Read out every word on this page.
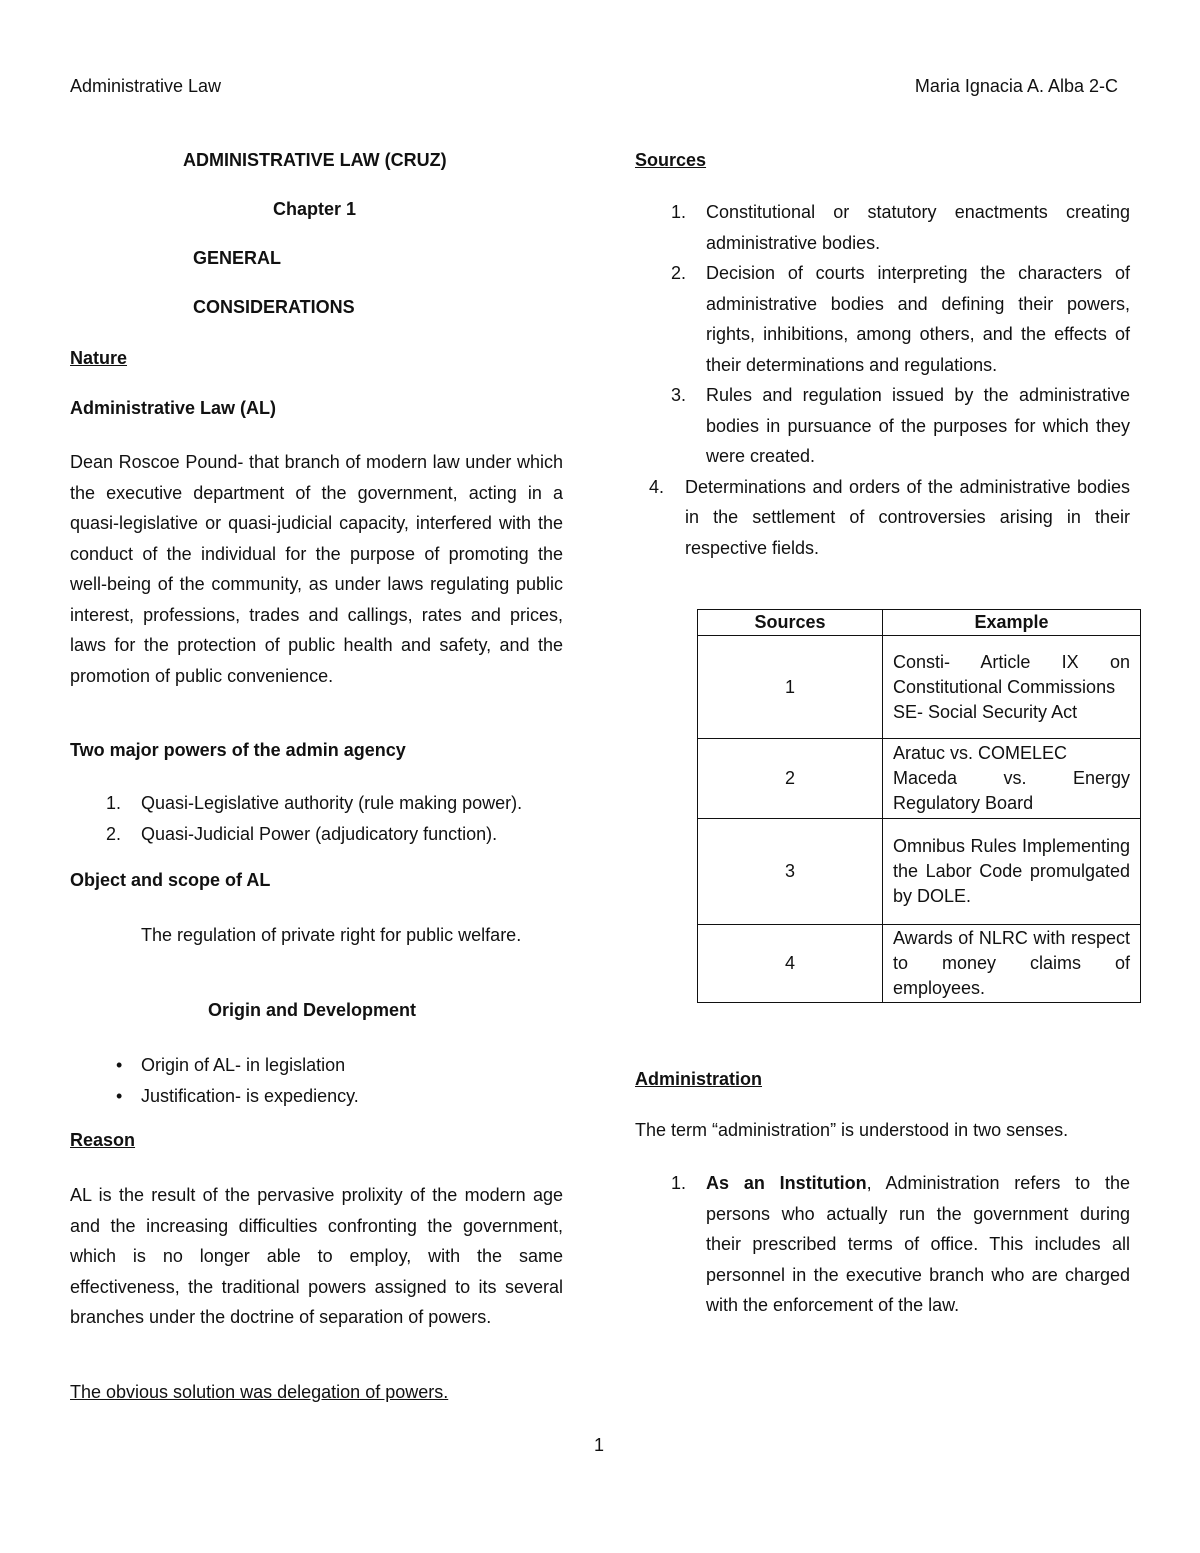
Administrative Law	Maria Ignacia A. Alba 2-C
ADMINISTRATIVE LAW (CRUZ)
Chapter 1
GENERAL
CONSIDERATIONS
Nature
Administrative Law (AL)
Dean Roscoe Pound- that branch of modern law under which the executive department of the government, acting in a quasi-legislative or quasi-judicial capacity, interfered with the conduct of the individual for the purpose of promoting the well-being of the community, as under laws regulating public interest, professions, trades and callings, rates and prices, laws for the protection of public health and safety, and the promotion of public convenience.
Two major powers of the admin agency
1. Quasi-Legislative authority (rule making power).
2. Quasi-Judicial Power (adjudicatory function).
Object and scope of AL
The regulation of private right for public welfare.
Origin and Development
• Origin of AL- in legislation
• Justification- is expediency.
Reason
AL is the result of the pervasive prolixity of the modern age and the increasing difficulties confronting the government, which is no longer able to employ, with the same effectiveness, the traditional powers assigned to its several branches under the doctrine of separation of powers.
The obvious solution was delegation of powers.
Sources
1. Constitutional or statutory enactments creating administrative bodies.
2. Decision of courts interpreting the characters of administrative bodies and defining their powers, rights, inhibitions, among others, and the effects of their determinations and regulations.
3. Rules and regulation issued by the administrative bodies in pursuance of the purposes for which they were created.
4. Determinations and orders of the administrative bodies in the settlement of controversies arising in their respective fields.
Sources	Example
1	Consti- Article IX on Constitutional Commissions
SE- Social Security Act

2	Aratuc vs. COMELEC
Maceda vs. Energy Regulatory Board

3	Omnibus Rules Implementing the Labor Code promulgated by DOLE.

4	Awards of NLRC with respect to money claims of employees.
Administration
The term “administration” is understood in two senses.
1. As an Institution, Administration refers to the persons who actually run the government during their prescribed terms of office. This includes all personnel in the executive branch who are charged with the enforcement of the law.
1
